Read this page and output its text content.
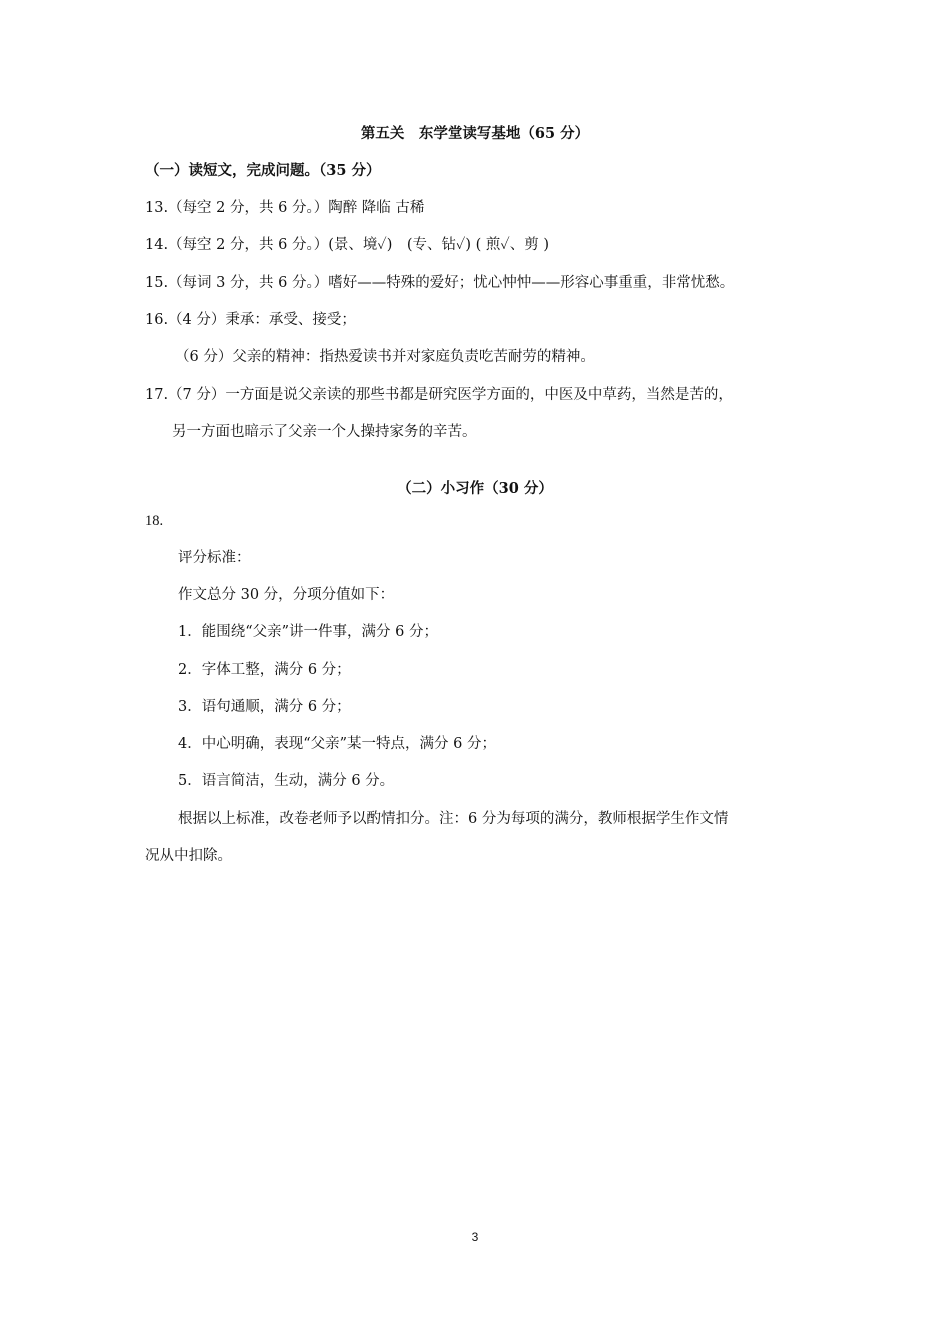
第五关　东学堂读写基地（65 分）
（一）读短文，完成问题。（35 分）
13.（每空 2 分，共 6 分。）陶醉 降临 古稀
14.（每空 2 分，共 6 分。）(景、境✓)　(专、钻✓) ( 煎✓、剪 )
15.（每词 3 分，共 6 分。）嗜好——特殊的爱好；忧心忡忡——形容心事重重，非常忧愁。
16.（4 分）秉承：承受、接受；
（6 分）父亲的精神：指热爱读书并对家庭负责吃苦耐劳的精神。
17.（7 分）一方面是说父亲读的那些书都是研究医学方面的，中医及中草药，当然是苦的，
另一方面也暗示了父亲一个人操持家务的辛苦。
（二）小习作（30 分）
18.
评分标准：
作文总分 30 分，分项分值如下：
1．能围绕“父亲”讲一件事，满分 6 分；
2．字体工整，满分 6 分；
3．语句通顺，满分 6 分；
4．中心明确，表现“父亲”某一特点，满分 6 分；
5．语言简洁，生动，满分 6 分。
根据以上标准，改卷老师予以酌情扣分。注：6 分为每项的满分，教师根据学生作文情
况从中扣除。
3
